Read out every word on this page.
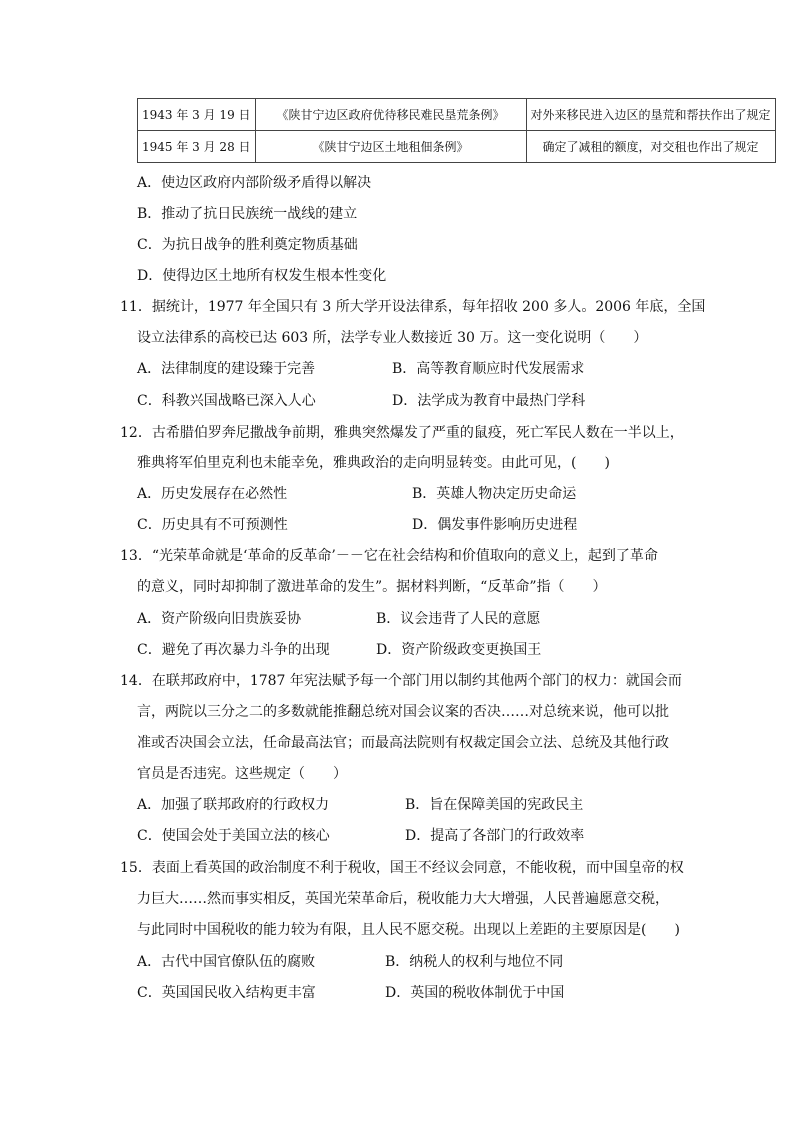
1943 年 3 月 19 日	《陕甘宁边区政府优待移民难民垦荒条例》	对外来移民进入边区的垦荒和帮扶作出了规定
1945 年 3 月 28 日	《陕甘宁边区土地租佃条例》	确定了减租的额度，对交租也作出了规定
A．使边区政府内部阶级矛盾得以解决
B．推动了抗日民族统一战线的建立
C．为抗日战争的胜利奠定物质基础
D．使得边区土地所有权发生根本性变化
11．据统计，1977 年全国只有 3 所大学开设法律系，每年招收 200 多人。2006 年底，全国
设立法律系的高校已达 603 所，法学专业人数接近 30 万。这一变化说明（　　）
A．法律制度的建设臻于完善	B．高等教育顺应时代发展需求
C．科教兴国战略已深入人心	D．法学成为教育中最热门学科
12．古希腊伯罗奔尼撒战争前期，雅典突然爆发了严重的鼠疫，死亡军民人数在一半以上，
雅典将军伯里克利也未能幸免，雅典政治的走向明显转变。由此可见，(　　)
A．历史发展存在必然性	B．英雄人物决定历史命运
C．历史具有不可预测性	D．偶发事件影响历史进程
13．“光荣革命就是‘革命的反革命’－－它在社会结构和价值取向的意义上，起到了革命
的意义，同时却抑制了激进革命的发生”。据材料判断，“反革命”指（　　）
A．资产阶级向旧贵族妥协	B．议会违背了人民的意愿
C．避免了再次暴力斗争的出现	D．资产阶级政变更换国王
14．在联邦政府中，1787 年宪法赋予每一个部门用以制约其他两个部门的权力：就国会而
言，两院以三分之二的多数就能推翻总统对国会议案的否决……对总统来说，他可以批
准或否决国会立法，任命最高法官；而最高法院则有权裁定国会立法、总统及其他行政
官员是否违宪。这些规定（　　）
A．加强了联邦政府的行政权力	B．旨在保障美国的宪政民主
C．使国会处于美国立法的核心	D．提高了各部门的行政效率
15．表面上看英国的政治制度不利于税收，国王不经议会同意，不能收税，而中国皇帝的权
力巨大……然而事实相反，英国光荣革命后，税收能力大大增强，人民普遍愿意交税，
与此同时中国税收的能力较为有限，且人民不愿交税。出现以上差距的主要原因是(　　)
A．古代中国官僚队伍的腐败	B．纳税人的权利与地位不同
C．英国国民收入结构更丰富	D．英国的税收体制优于中国
